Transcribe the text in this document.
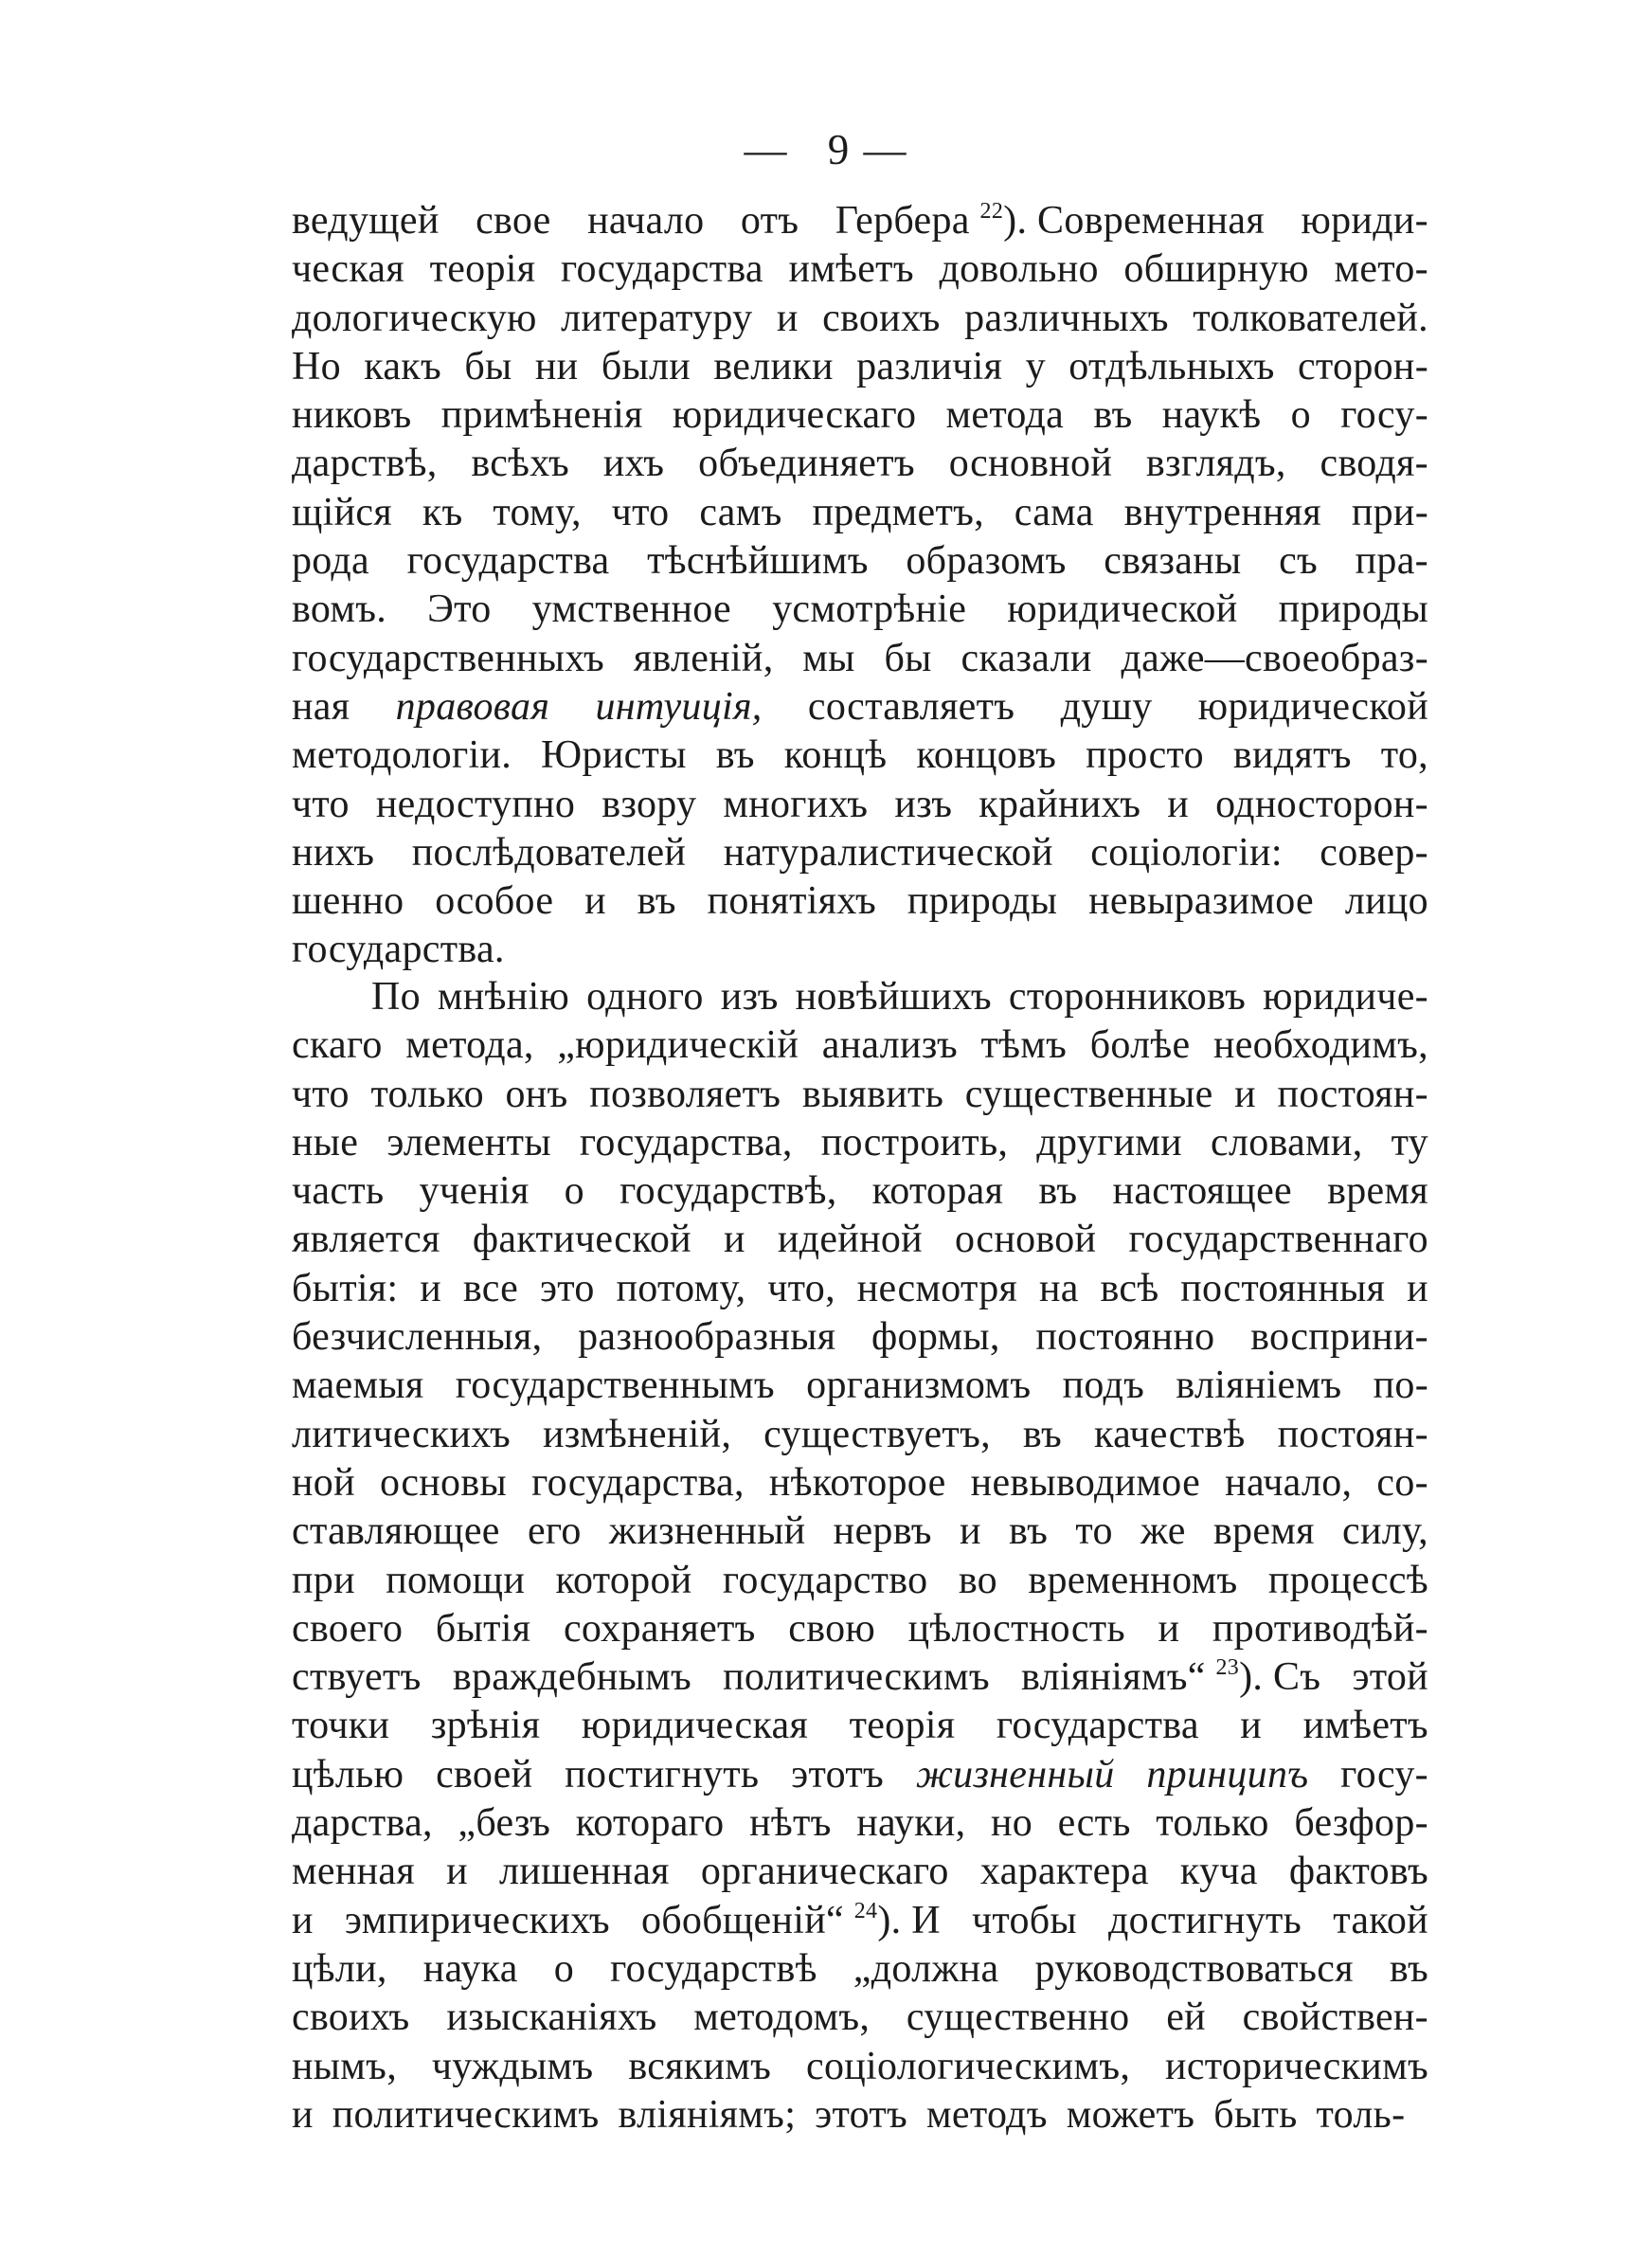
— 9 —
ведущей свое начало отъ Гербера $^{22}$). Современная юриди-
ческая теорія государства имѣетъ довольно обширную мето-
дологическую литературу и своихъ различныхъ толкователей.
Но какъ бы ни были велики различія у отдѣльныхъ сторон-
никовъ примѣненія юридическаго метода въ наукѣ о госу-
дарствѣ, всѣхъ ихъ объединяетъ основной взглядъ, сводя-
щійся къ тому, что самъ предметъ, сама внутренняя при-
рода государства тѣснѣйшимъ образомъ связаны съ пра-
вомъ. Это умственное усмотрѣніе юридической природы
государственныхъ явленій, мы бы сказали даже—своеобраз-
ная правовая интуиція, составляетъ душу юридической
методологіи. Юристы въ концѣ концовъ просто видятъ то,
что недоступно взору многихъ изъ крайнихъ и односторон-
нихъ послѣдователей натуралистической соціологіи: совер-
шенно особое и въ понятіяхъ природы невыразимое лицо
государства.
По мнѣнію одного изъ новѣйшихъ сторонниковъ юридиче-
скаго метода, „юридическій анализъ тѣмъ болѣе необходимъ,
что только онъ позволяетъ выявить существенные и постоян-
ные элементы государства, построить, другими словами, ту
часть ученія о государствѣ, которая въ настоящее время
является фактической и идейной основой государственнаго
бытія: и все это потому, что, несмотря на всѣ постоянныя и
безчисленныя, разнообразныя формы, постоянно восприни-
маемыя государственнымъ организмомъ подъ вліяніемъ по-
литическихъ измѣненій, существуетъ, въ качествѣ постоян-
ной основы государства, нѣкоторое невыводимое начало, со-
ставляющее его жизненный нервъ и въ то же время силу,
при помощи которой государство во временномъ процессѣ
своего бытія сохраняетъ свою цѣлостность и противодѣй-
ствуетъ враждебнымъ политическимъ вліяніямъ“ $^{23}$). Съ этой
точки зрѣнія юридическая теорія государства и имѣетъ
цѣлью своей постигнуть этотъ жизненный принципъ госу-
дарства, „безъ котораго нѣтъ науки, но есть только безфор-
менная и лишенная органическаго характера куча фактовъ
и эмпирическихъ обобщеній“ $^{24}$). И чтобы достигнуть такой
цѣли, наука о государствѣ „должна руководствоваться въ
своихъ изысканіяхъ методомъ, существенно ей свойствен-
нымъ, чуждымъ всякимъ соціологическимъ, историческимъ
и политическимъ вліяніямъ; этотъ методъ можетъ быть толь-
